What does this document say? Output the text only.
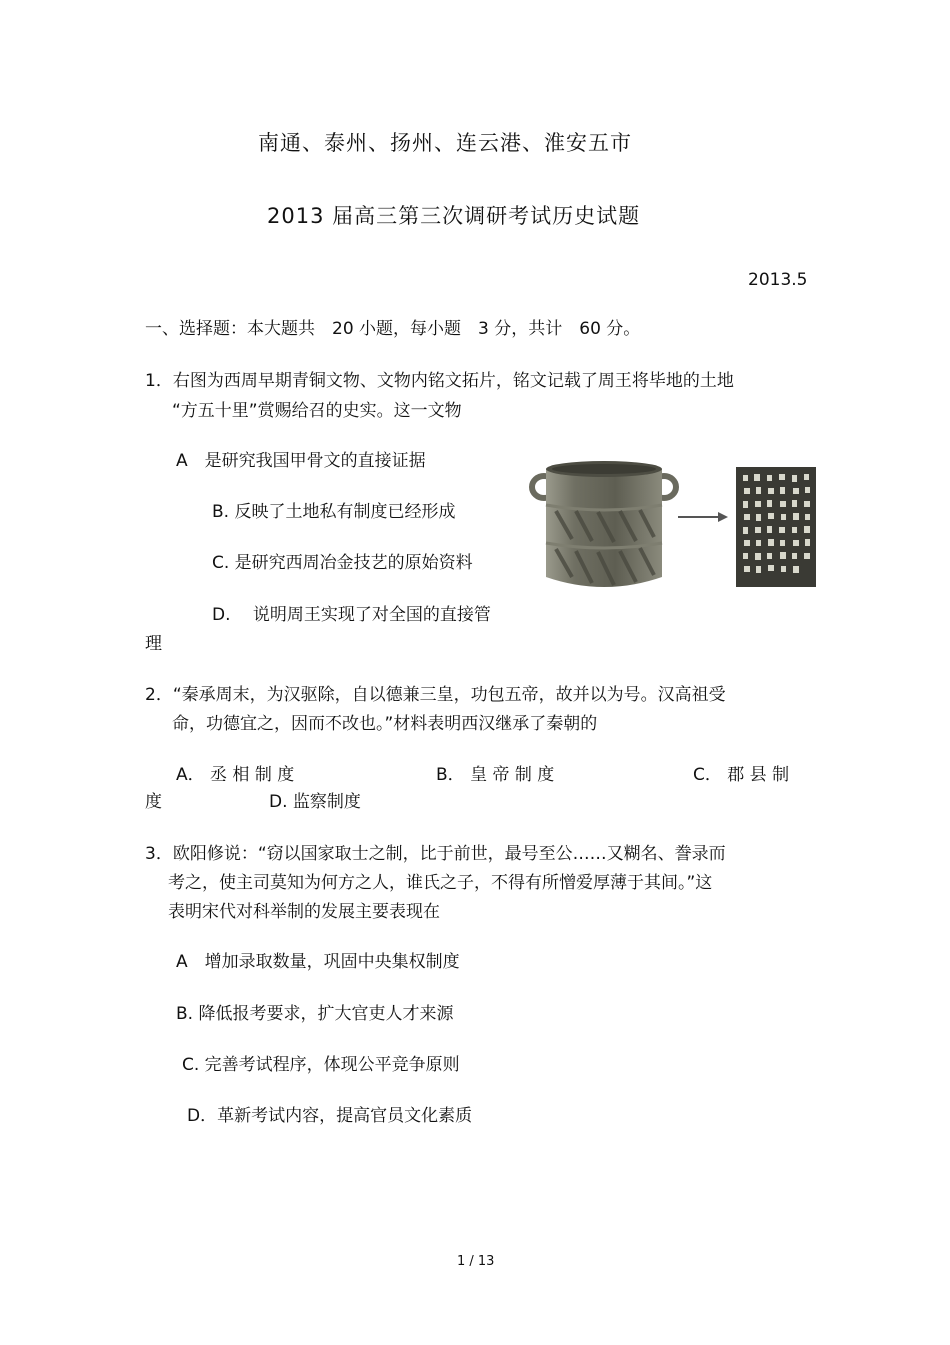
南通、泰州、扬州、连云港、淮安五市
2013 届高三第三次调研考试历史试题
2013.5
一、选择题：本大题共　20 小题，每小题　3 分，共计　60 分。
1．右图为西周早期青铜文物、文物内铭文拓片，铭文记载了周王将毕地的土地
“方五十里”赏赐给召的史实。这一文物
A　是研究我国甲骨文的直接证据
B. 反映了土地私有制度已经形成
C. 是研究西周冶金技艺的原始资料
D.　 说明周王实现了对全国的直接管
理
2．“秦承周末，为汉驱除，自以德兼三皇，功包五帝，故并以为号。汉高祖受
命，功德宜之，因而不改也。”材料表明西汉继承了秦朝的
A． 丞 相 制 度	B． 皇 帝 制 度	C． 郡 县 制
度	D. 监察制度
3．欧阳修说：“窃以国家取士之制，比于前世，最号至公……又糊名、誊录而
考之，使主司莫知为何方之人，谁氏之子，不得有所憎爱厚薄于其间。”这
表明宋代对科举制的发展主要表现在
A　增加录取数量，巩固中央集权制度
B. 降低报考要求，扩大官吏人才来源
C. 完善考试程序，体现公平竞争原则
D．革新考试内容，提高官员文化素质
1 / 13
